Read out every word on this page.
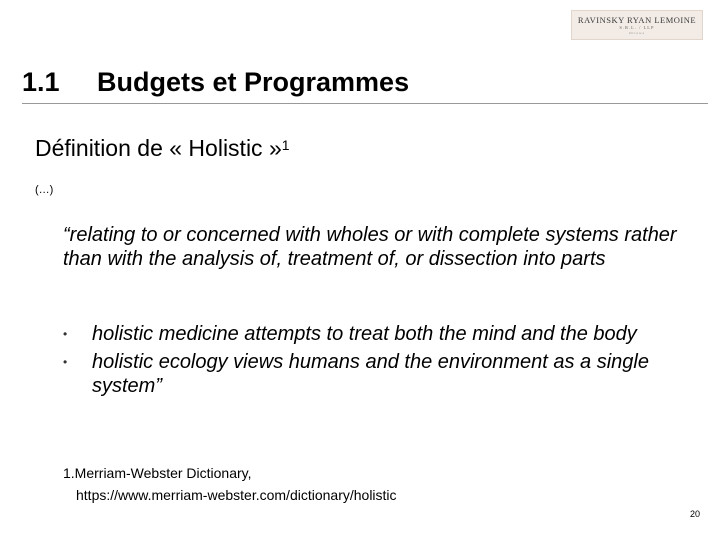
RAVINSKY RYAN LEMOINE
S.R.L. / LLP
Ottawa
1.1 Budgets et Programmes
Définition de « Holistic »$^1$
(…)
“relating to or concerned with wholes or with complete systems rather than with the analysis of, treatment of, or dissection into parts
• holistic medicine attempts to treat both the mind and the body
• holistic ecology views humans and the environment as a single system”
1.Merriam-Webster Dictionary,
https://www.merriam-webster.com/dictionary/holistic
20
